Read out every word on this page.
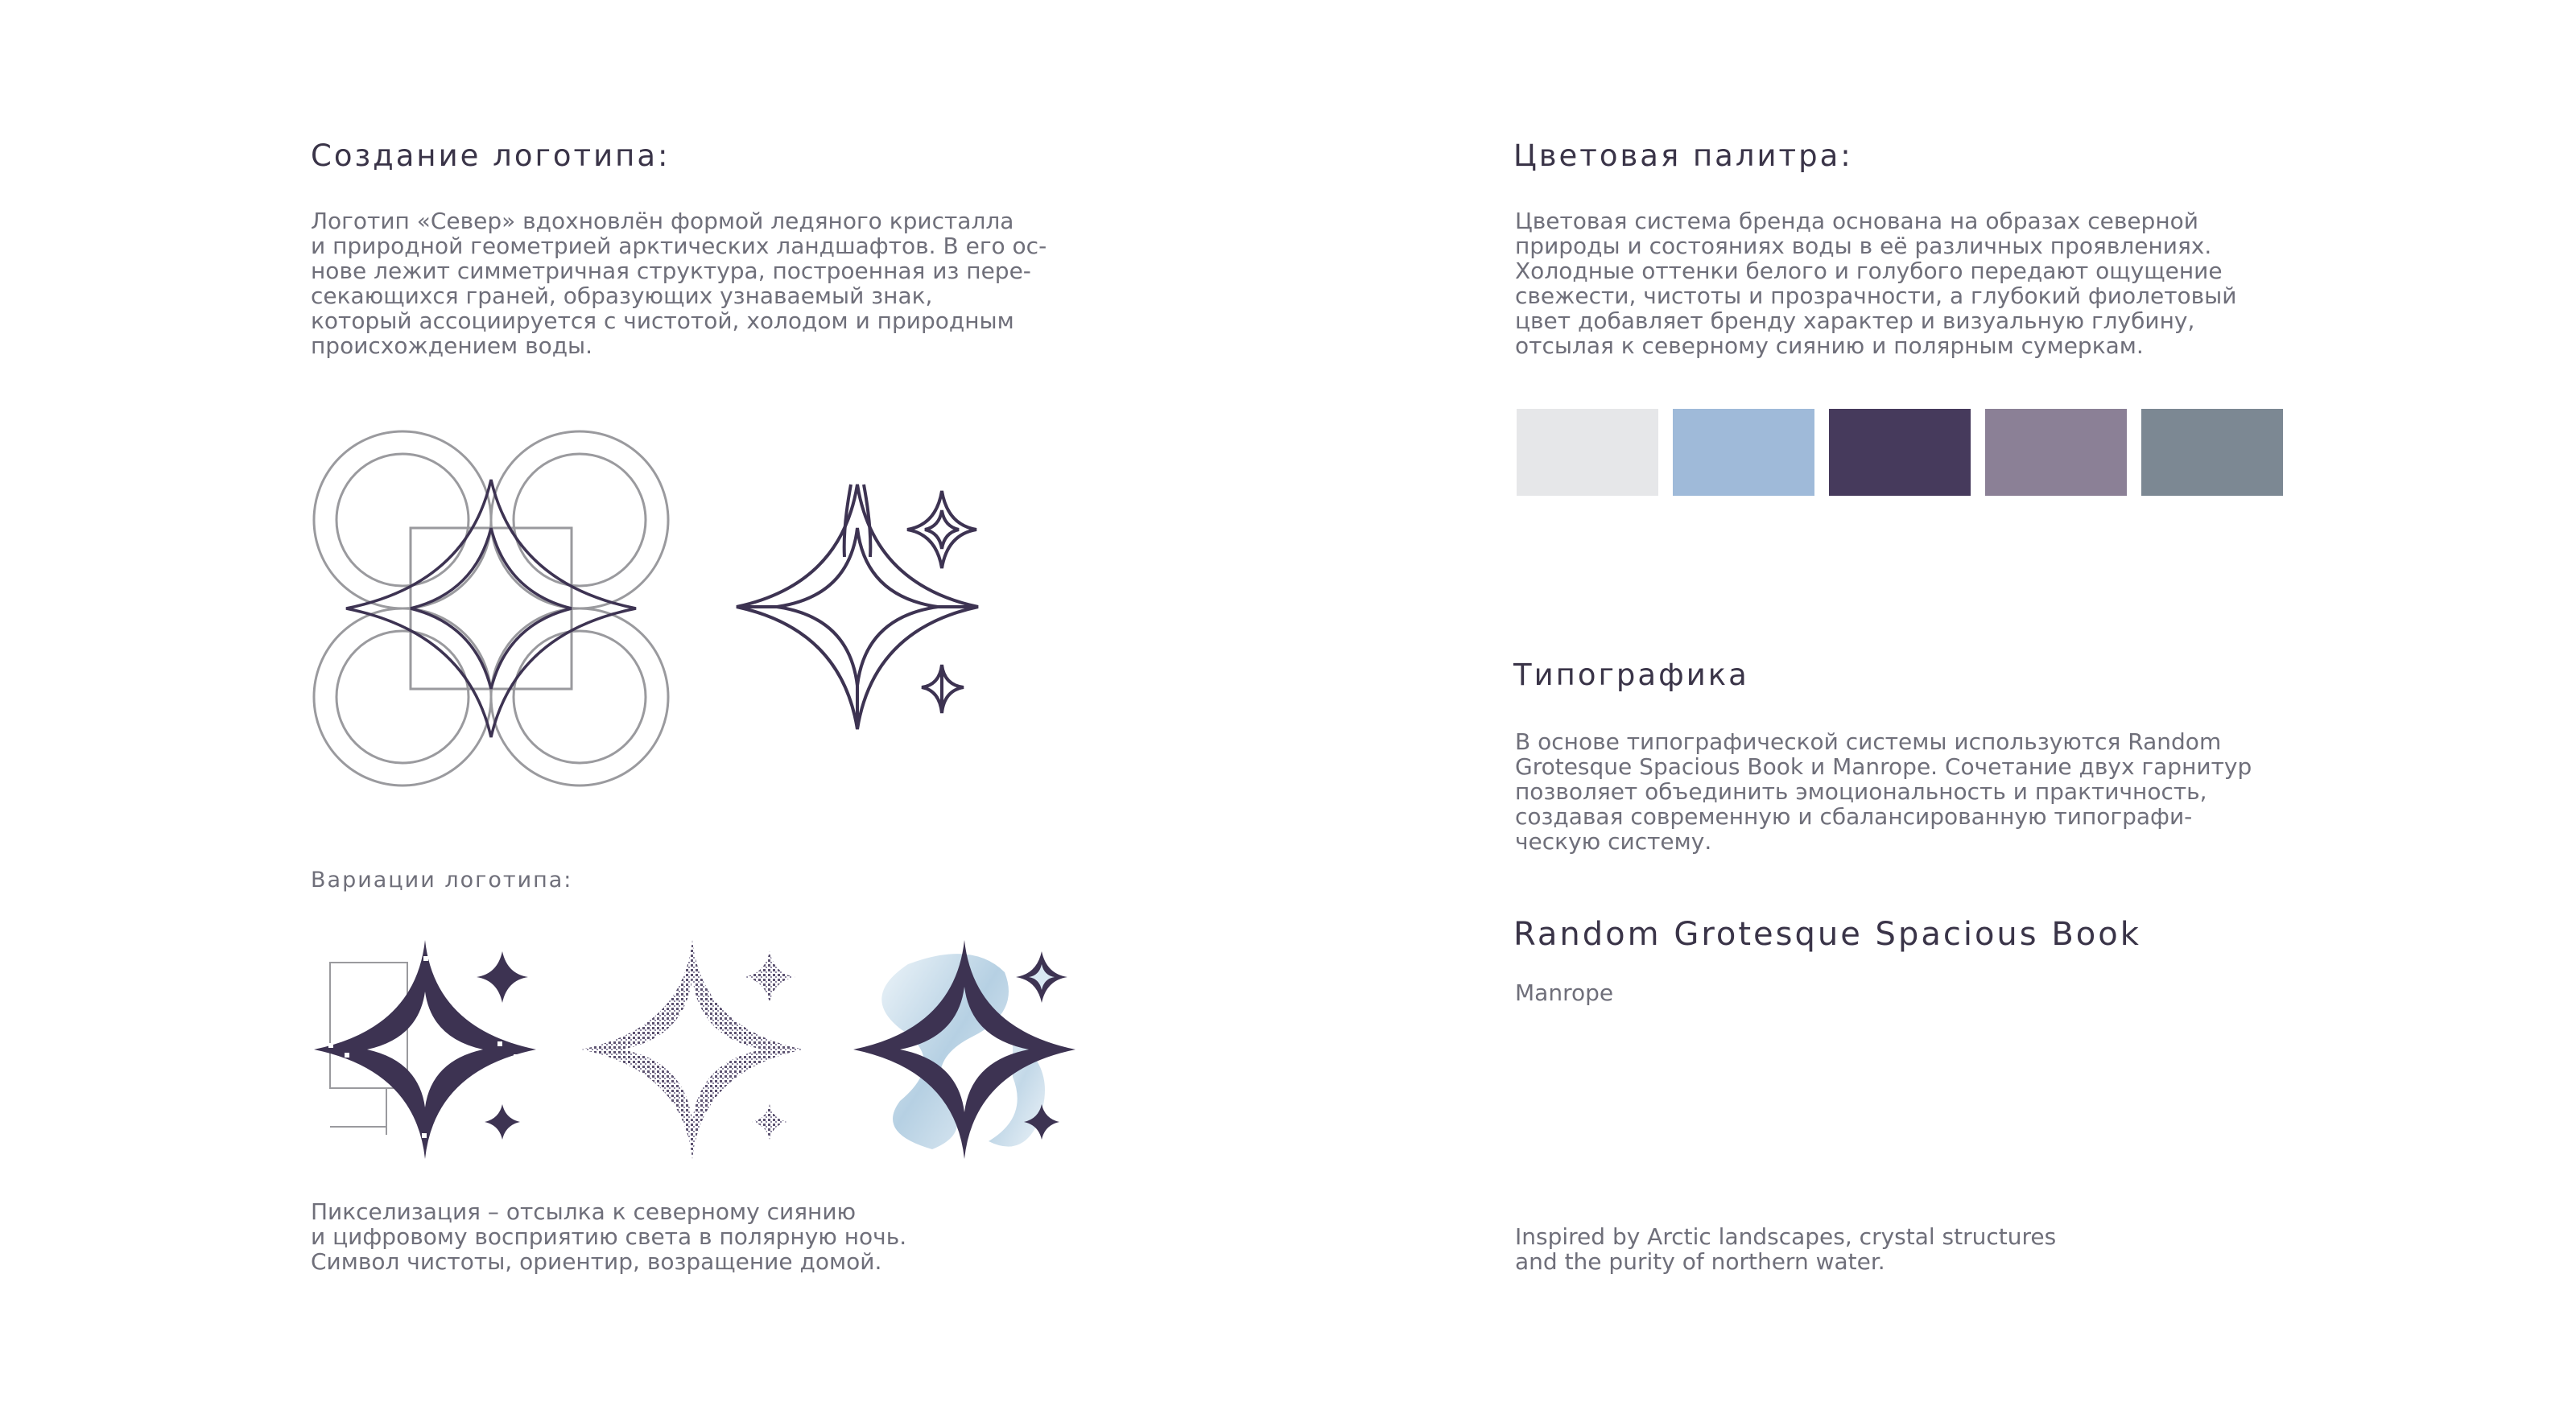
Создание логотипа:

Логотип «Север» вдохновлён формой ледяного кристалла
и природной геометрией арктических ландшафтов. В его ос-
нове лежит симметричная структура, построенная из пере-
секающихся граней, образующих узнаваемый знак,
который ассоциируется с чистотой, холодом и природным
происхождением воды.

Вариации логотипа:

Пикселизация – отсылка к северному сиянию
и цифровому восприятию света в полярную ночь.
Символ чистоты, ориентир, возращение домой.

Цветовая палитра:

Цветовая система бренда основана на образах северной
природы и состояниях воды в её различных проявлениях.
Холодные оттенки белого и голубого передают ощущение
свежести, чистоты и прозрачности, а глубокий фиолетовый
цвет добавляет бренду характер и визуальную глубину,
отсылая к северному сиянию и полярным сумеркам.

Типографика

В основе типографической системы используются Random
Grotesque Spacious Book и Manrope. Сочетание двух гарнитур
позволяет объединить эмоциональность и практичность,
создавая современную и сбалансированную типографи-
ческую систему.

Random Grotesque Spacious Book
Manrope

Inspired by Arctic landscapes, crystal structures
and the purity of northern water.
